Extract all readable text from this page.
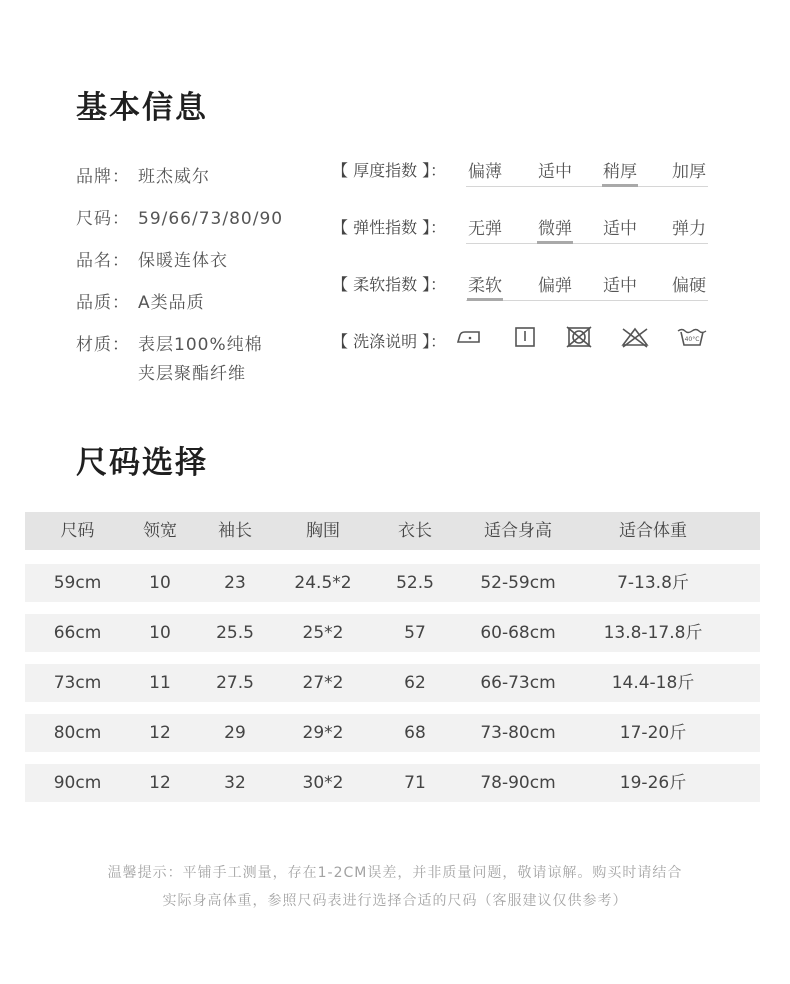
基本信息
品牌： 班杰威尔
尺码： 59/66/73/80/90
品名： 保暖连体衣
品质： A类品质
材质： 表层100%纯棉
夹层聚酯纤维
【 厚度指数 】：	偏薄	适中	稍厚	加厚
【 弹性指数 】：	无弹	微弹	适中	弹力
【 柔软指数 】：	柔软	偏弹	适中	偏硬
【 洗涤说明 】：	40°C
尺码选择
尺码	领宽	袖长	胸围	衣长	适合身高	适合体重
59cm	10	23	24.5*2	52.5	52-59cm	7-13.8斤
66cm	10	25.5	25*2	57	60-68cm	13.8-17.8斤
73cm	11	27.5	27*2	62	66-73cm	14.4-18斤
80cm	12	29	29*2	68	73-80cm	17-20斤
90cm	12	32	30*2	71	78-90cm	19-26斤
温馨提示：平铺手工测量，存在1-2CM误差，并非质量问题，敬请谅解。购买时请结合
实际身高体重，参照尺码表进行选择合适的尺码（客服建议仅供参考）
